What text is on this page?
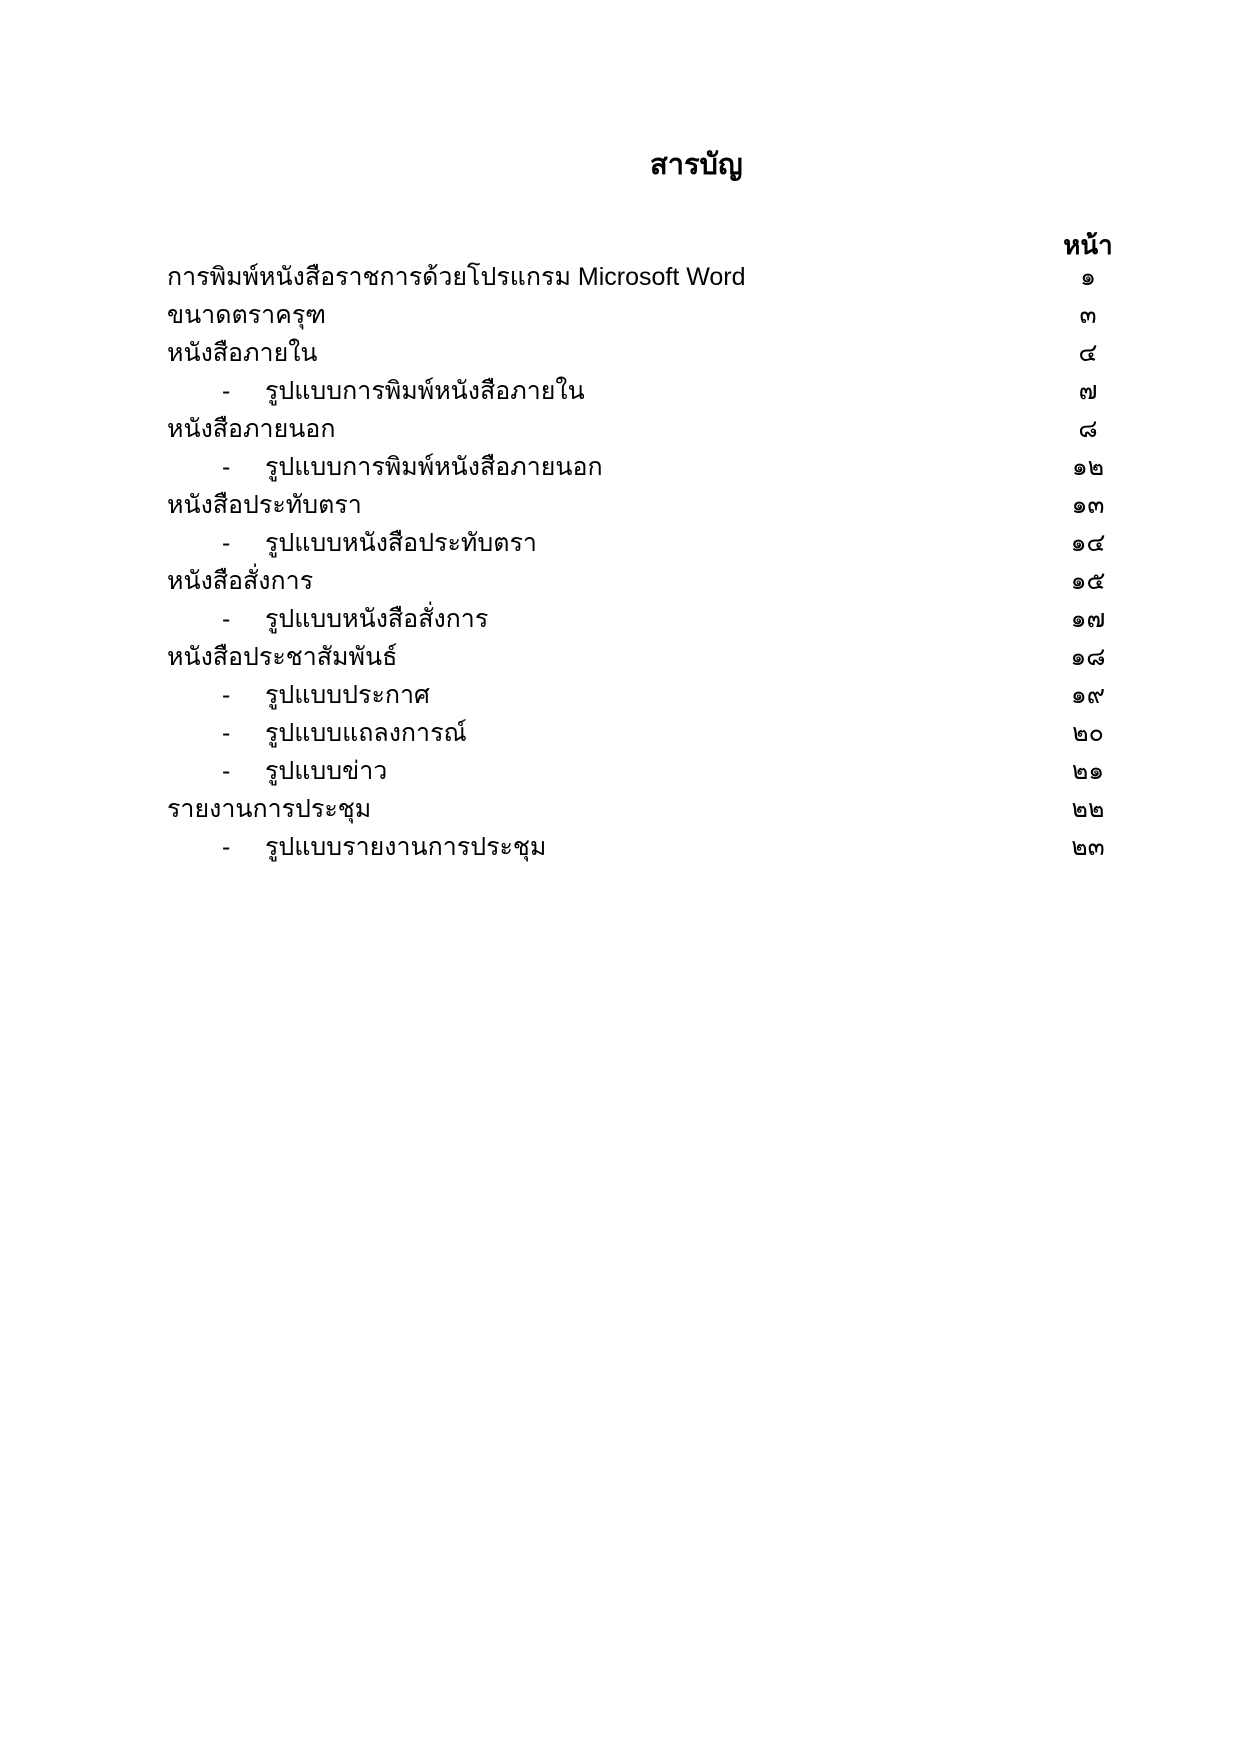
สารบัญ
หน้า
การพิมพ์หนังสือราชการด้วยโปรแกรม Microsoft Word	๑
ขนาดตราครุฑ	๓
หนังสือภายใน	๔
- รูปแบบการพิมพ์หนังสือภายใน	๗
หนังสือภายนอก	๘
- รูปแบบการพิมพ์หนังสือภายนอก	๑๒
หนังสือประทับตรา	๑๓
- รูปแบบหนังสือประทับตรา	๑๔
หนังสือสั่งการ	๑๕
- รูปแบบหนังสือสั่งการ	๑๗
หนังสือประชาสัมพันธ์	๑๘
- รูปแบบประกาศ	๑๙
- รูปแบบแถลงการณ์	๒๐
- รูปแบบข่าว	๒๑
รายงานการประชุม	๒๒
- รูปแบบรายงานการประชุม	๒๓
